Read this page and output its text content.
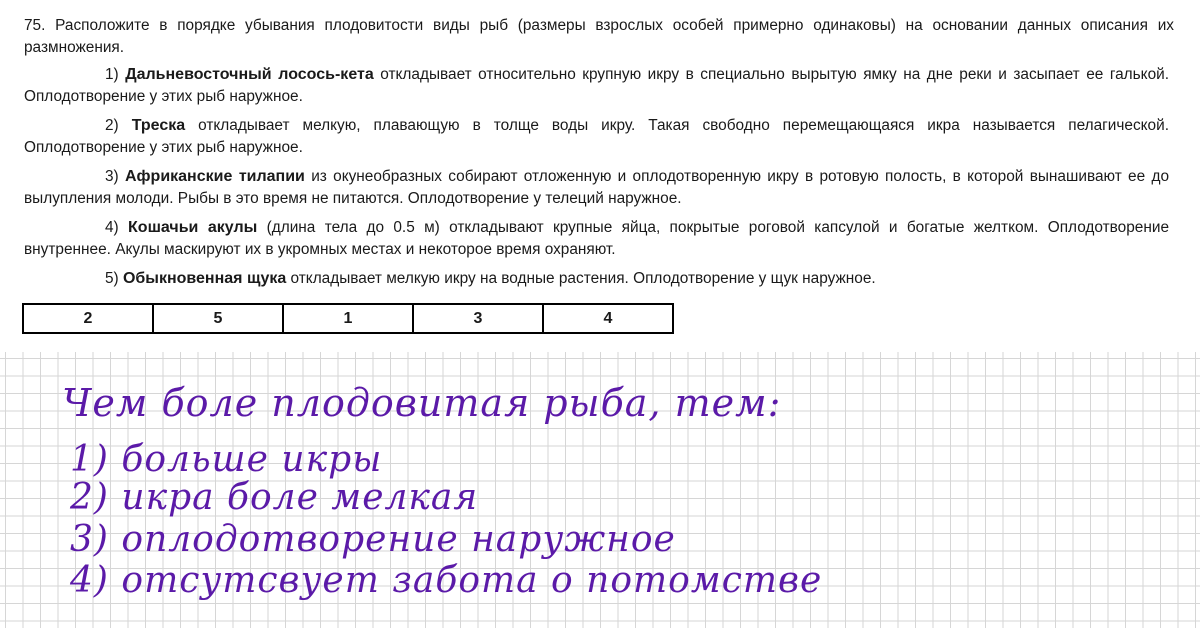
75. Расположите в порядке убывания плодовитости виды рыб (размеры взрослых особей примерно одинаковы) на основании данных описания их размножения.
1) Дальневосточный лосось-кета откладывает относительно крупную икру в специально вырытую ямку на дне реки и засыпает ее галькой. Оплодотворение у этих рыб наружное.
2) Треска откладывает мелкую, плавающую в толще воды икру. Такая свободно перемещающаяся икра называется пелагической. Оплодотворение у этих рыб наружное.
3) Африканские тилапии из окунеобразных собирают отложенную и оплодотворенную икру в ротовую полость, в которой вынашивают ее до вылупления молоди. Рыбы в это время не питаются. Оплодотворение у телеций наружное.
4) Кошачьи акулы (длина тела до 0.5 м) откладывают крупные яйца, покрытые роговой капсулой и богатые желтком. Оплодотворение внутреннее. Акулы маскируют их в укромных местах и некоторое время охраняют.
5) Обыкновенная щука откладывает мелкую икру на водные растения. Оплодотворение у щук наружное.
2	5	1	3	4
Чем боле плодовитая рыба, тем:
1) больше икры
2) икра боле мелкая
3) оплодотворение наружное
4) отсутсвует забота о потомстве
